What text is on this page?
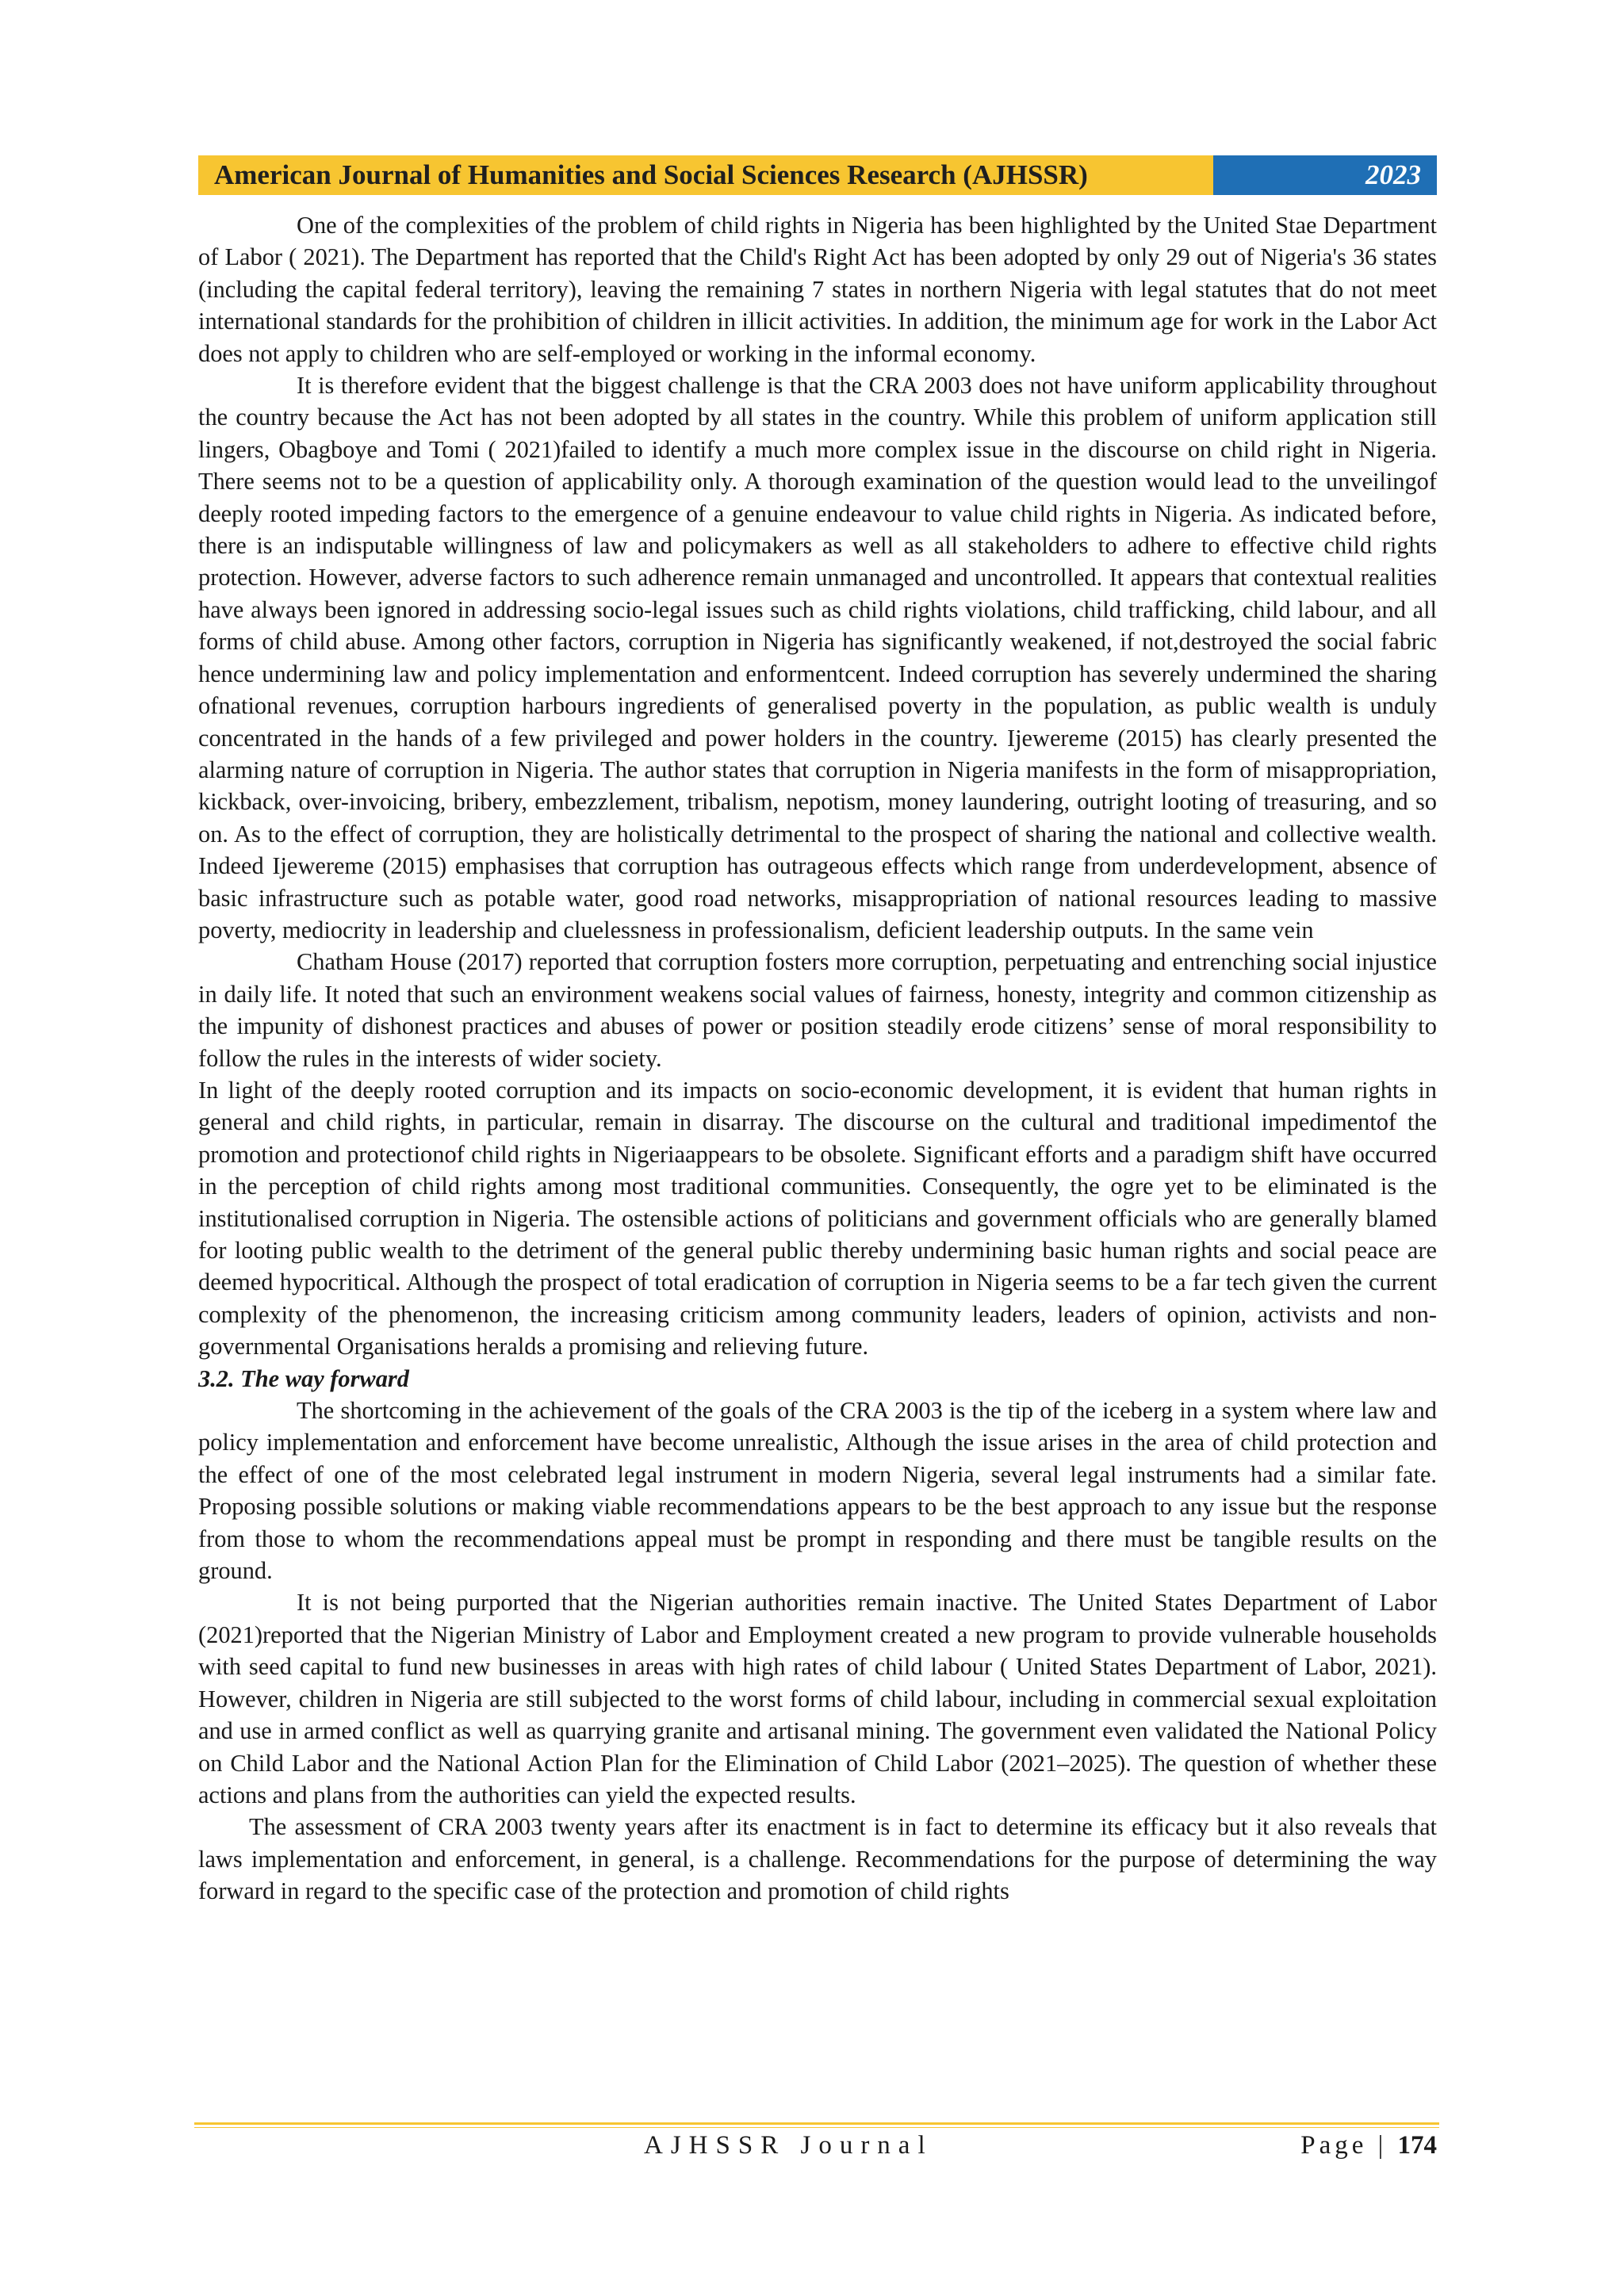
American Journal of Humanities and Social Sciences Research (AJHSSR)	2023

One of the complexities of the problem of child rights in Nigeria has been highlighted by the United Stae Department of Labor ( 2021). The Department has reported that the Child's Right Act has been adopted by only 29 out of Nigeria's 36 states (including the capital federal territory), leaving the remaining 7 states in northern Nigeria with legal statutes that do not meet international standards for the prohibition of children in illicit activities. In addition, the minimum age for work in the Labor Act does not apply to children who are self-employed or working in the informal economy.

It is therefore evident that the biggest challenge is that the CRA 2003 does not have uniform applicability throughout the country because the Act has not been adopted by all states in the country. While this problem of uniform application still lingers, Obagboye and Tomi ( 2021)failed to identify a much more complex issue in the discourse on child right in Nigeria. There seems not to be a question of applicability only. A thorough examination of the question would lead to the unveilingof deeply rooted impeding factors to the emergence of a genuine endeavour to value child rights in Nigeria. As indicated before, there is an indisputable willingness of law and policymakers as well as all stakeholders to adhere to effective child rights protection. However, adverse factors to such adherence remain unmanaged and uncontrolled. It appears that contextual realities have always been ignored in addressing socio-legal issues such as child rights violations, child trafficking, child labour, and all forms of child abuse. Among other factors, corruption in Nigeria has significantly weakened, if not,destroyed the social fabric hence undermining law and policy implementation and enformentcent. Indeed corruption has severely undermined the sharing ofnational revenues, corruption harbours ingredients of generalised poverty in the population, as public wealth is unduly concentrated in the hands of a few privileged and power holders in the country. Ijewereme (2015) has clearly presented the alarming nature of corruption in Nigeria. The author states that corruption in Nigeria manifests in the form of misappropriation, kickback, over-invoicing, bribery, embezzlement, tribalism, nepotism, money laundering, outright looting of treasuring, and so on. As to the effect of corruption, they are holistically detrimental to the prospect of sharing the national and collective wealth. Indeed Ijewereme (2015) emphasises that corruption has outrageous effects which range from underdevelopment, absence of basic infrastructure such as potable water, good road networks, misappropriation of national resources leading to massive poverty, mediocrity in leadership and cluelessness in professionalism, deficient leadership outputs. In the same vein

Chatham House (2017) reported that corruption fosters more corruption, perpetuating and entrenching social injustice in daily life. It noted that such an environment weakens social values of fairness, honesty, integrity and common citizenship as the impunity of dishonest practices and abuses of power or position steadily erode citizens’ sense of moral responsibility to follow the rules in the interests of wider society.

In light of the deeply rooted corruption and its impacts on socio-economic development, it is evident that human rights in general and child rights, in particular, remain in disarray. The discourse on the cultural and traditional impedimentof the promotion and protectionof child rights in Nigeriaappears to be obsolete. Significant efforts and a paradigm shift have occurred in the perception of child rights among most traditional communities. Consequently, the ogre yet to be eliminated is the institutionalised corruption in Nigeria. The ostensible actions of politicians and government officials who are generally blamed for looting public wealth to the detriment of the general public thereby undermining basic human rights and social peace are deemed hypocritical. Although the prospect of total eradication of corruption in Nigeria seems to be a far tech given the current complexity of the phenomenon, the increasing criticism among community leaders, leaders of opinion, activists and non-governmental Organisations heralds a promising and relieving future.

3.2. The way forward

The shortcoming in the achievement of the goals of the CRA 2003 is the tip of the iceberg in a system where law and policy implementation and enforcement have become unrealistic, Although the issue arises in the area of child protection and the effect of one of the most celebrated legal instrument in modern Nigeria, several legal instruments had a similar fate. Proposing possible solutions or making viable recommendations appears to be the best approach to any issue but the response from those to whom the recommendations appeal must be prompt in responding and there must be tangible results on the ground.

It is not being purported that the Nigerian authorities remain inactive. The United States Department of Labor (2021)reported that the Nigerian Ministry of Labor and Employment created a new program to provide vulnerable households with seed capital to fund new businesses in areas with high rates of child labour ( United States Department of Labor, 2021). However, children in Nigeria are still subjected to the worst forms of child labour, including in commercial sexual exploitation and use in armed conflict as well as quarrying granite and artisanal mining. The government even validated the National Policy on Child Labor and the National Action Plan for the Elimination of Child Labor (2021–2025). The question of whether these actions and plans from the authorities can yield the expected results.

The assessment of CRA 2003 twenty years after its enactment is in fact to determine its efficacy but it also reveals that laws implementation and enforcement, in general, is a challenge. Recommendations for the purpose of determining the way forward in regard to the specific case of the protection and promotion of child rights

AJHSSR Journal	Page | 174
